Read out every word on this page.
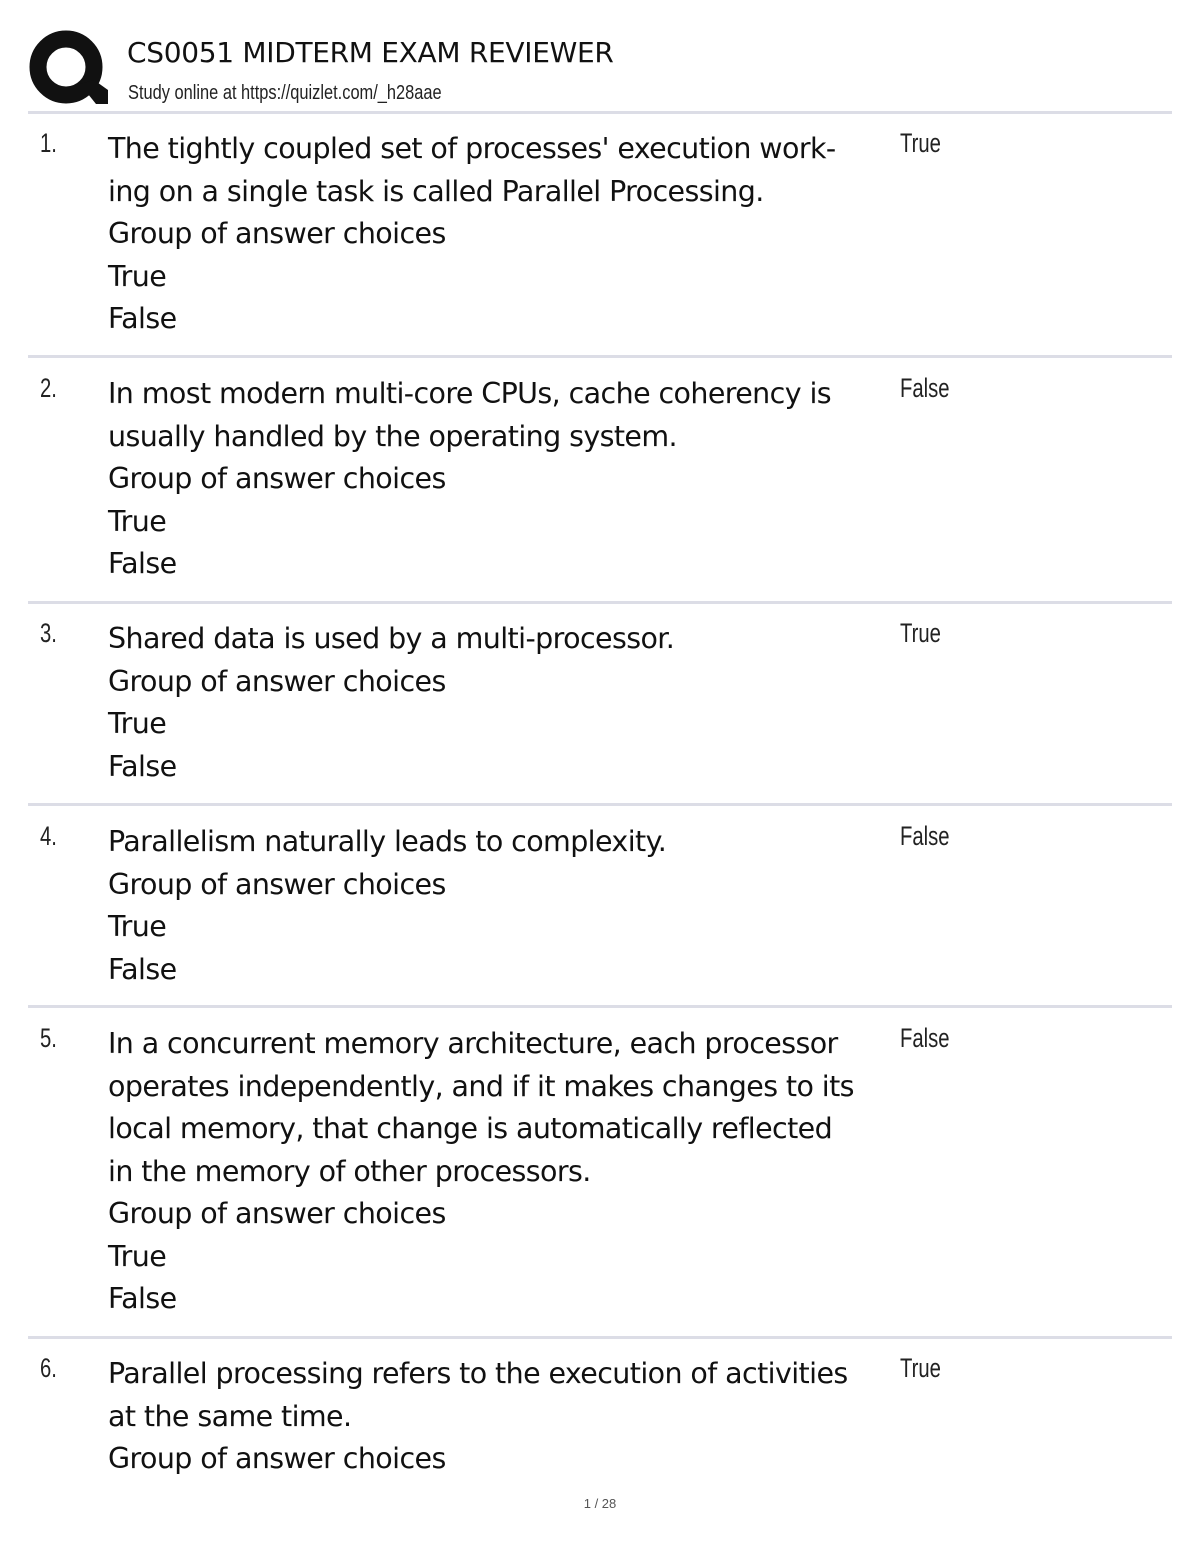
CS0051 MIDTERM EXAM REVIEWER
Study online at https://quizlet.com/_h28aae
1. The tightly coupled set of processes' execution work-
ing on a single task is called Parallel Processing.
Group of answer choices
True
False
True
2. In most modern multi-core CPUs, cache coherency is
usually handled by the operating system.
Group of answer choices
True
False
False
3. Shared data is used by a multi-processor.
Group of answer choices
True
False
True
4. Parallelism naturally leads to complexity.
Group of answer choices
True
False
False
5. In a concurrent memory architecture, each processor
operates independently, and if it makes changes to its
local memory, that change is automatically reflected
in the memory of other processors.
Group of answer choices
True
False
False
6. Parallel processing refers to the execution of activities
at the same time.
Group of answer choices
True
1 / 28
